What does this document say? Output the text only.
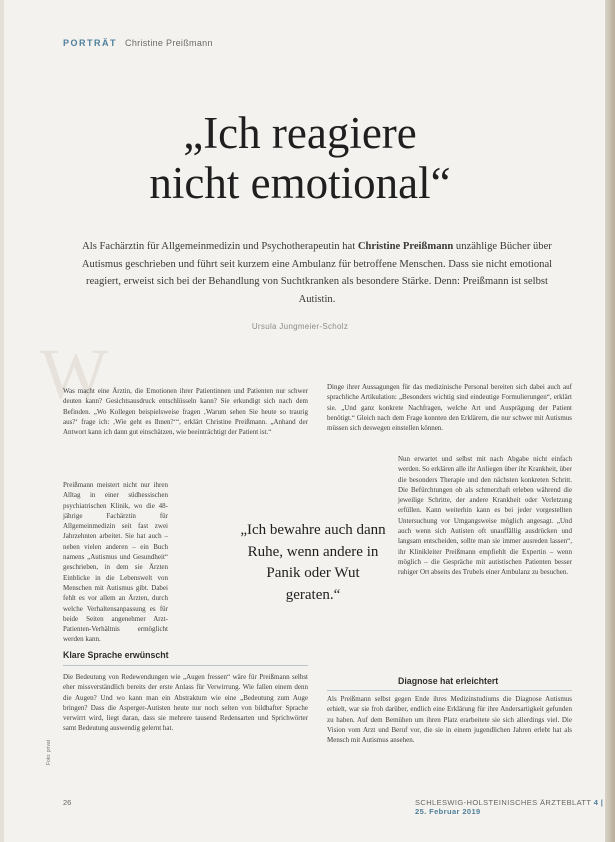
PORTRÄT Christine Preißmann
„Ich reagiere
nicht emotional“
Als Fachärztin für Allgemeinmedizin und Psychotherapeutin hat Christine Preißmann unzählige Bücher über Autismus geschrieben und führt seit kurzem eine Ambulanz für betroffene Menschen. Dass sie nicht emotional reagiert, erweist sich bei der Behandlung von Suchtkranken als besondere Stärke. Denn: Preißmann ist selbst Autistin.
Ursula Jungmeier-Scholz
W
Was macht eine Ärztin, die Emotionen ihrer Patientinnen und Patienten nur schwer deuten kann? Gesichtsausdruck entschlüsseln kann? Sie erkundigt sich nach dem Befinden. „Wo Kollegen beispielsweise fragen ‚Warum sehen Sie heute so traurig aus?‘ frage ich: ‚Wie geht es Ihnen?‘“, erklärt Christine Preißmann. „Anhand der Antwort kann ich dann gut einschätzen, wie beeinträchtigt der Patient ist.“
Preißmann meistert nicht nur ihren Alltag in einer südhessischen psychiatrischen Klinik, wo die 48-jährige Fachärztin für Allgemeinmedizin seit fast zwei Jahrzehnten arbeitet. Sie hat auch – neben vielen anderen – ein Buch namens „Autismus und Gesundheit“ geschrieben, in dem sie Ärzten Einblicke in die Lebenswelt von Menschen mit Autismus gibt. Dabei fehlt es vor allem an Ärzten, durch welche Verhaltensanpassung es für beide Seiten angenehmer Arzt-Patienten-Verhältnis ermöglicht werden kann.
„Ich bewahre auch dann Ruhe, wenn andere in Panik oder Wut geraten.“
Klare Sprache erwünscht
Die Bedeutung von Redewendungen wie „Augen fressen“ wäre für Preißmann selbst eher missverständlich bereits der erste Anlass für Verwirrung. Wie fallen einem denn die Augen? Und wo kann man ein Abstraktum wie eine „Bedeutung zum Auge bringen? Dass die Asperger-Autisten heute nur noch selten von bildhafter Sprache verwirrt wird, liegt daran, dass sie mehrere tausend Redensarten und Sprichwörter samt Bedeutung auswendig gelernt hat.
Dinge ihrer Aussagungen für das medizinische Personal bereiten sich dabei auch auf sprachliche Artikulation: „Besonders wichtig sind eindeutige Formulierungen“, erklärt sie. „Und ganz konkrete Nachfragen, welche Art und Ausprägung der Patient benötigt.“ Gleich nach dem Frage konnten den Erklärern, die nur schwer mit Autismus müssen sich deswegen einstellen können.
Nun erwartet und selbst mit nach Abgabe nicht einfach werden. So erklären alle ihr Anliegen über ihr Krankheit, über die besonders Therapie und den nächsten konkreten Schritt. Die Befürchtungen ob als schmerzhaft erleben während die jeweilige Schritte, der andere Krankheit oder Verletzung erfüllen. Kann weiterhin kann es bei jeder vorgestellten Untersuchung vor Umgangsweise möglich angesagt. „Und auch wenn sich Autisten oft unauffällig ausdrücken und langsam entscheiden, sollte man sie immer ausreden lassen“, ihr Klinikleiter Preißmann empfiehlt die Expertin – wenn möglich – die Gespräche mit autistischen Patienten besser ruhiger Ort abseits des Trubels einer Ambulanz zu besuchen.
Diagnose hat erleichtert
Als Preißmann selbst gegen Ende ihres Medizinstudiums die Diagnose Autismus erhielt, war sie froh darüber, endlich eine Erklärung für ihre Andersartigkeit gefunden zu haben. Auf dem Bemühen um ihren Platz erarbeitete sie sich allerdings viel. Die Vision vom Arzt und Beruf vor, die sie in einem jugendlichen Jahren erlebt hat als Mensch mit Autismus ansehen.
Foto: privat
26	SCHLESWIG-HOLSTEINISCHES ÄRZTEBLATT 4 | 25. Februar 2019
